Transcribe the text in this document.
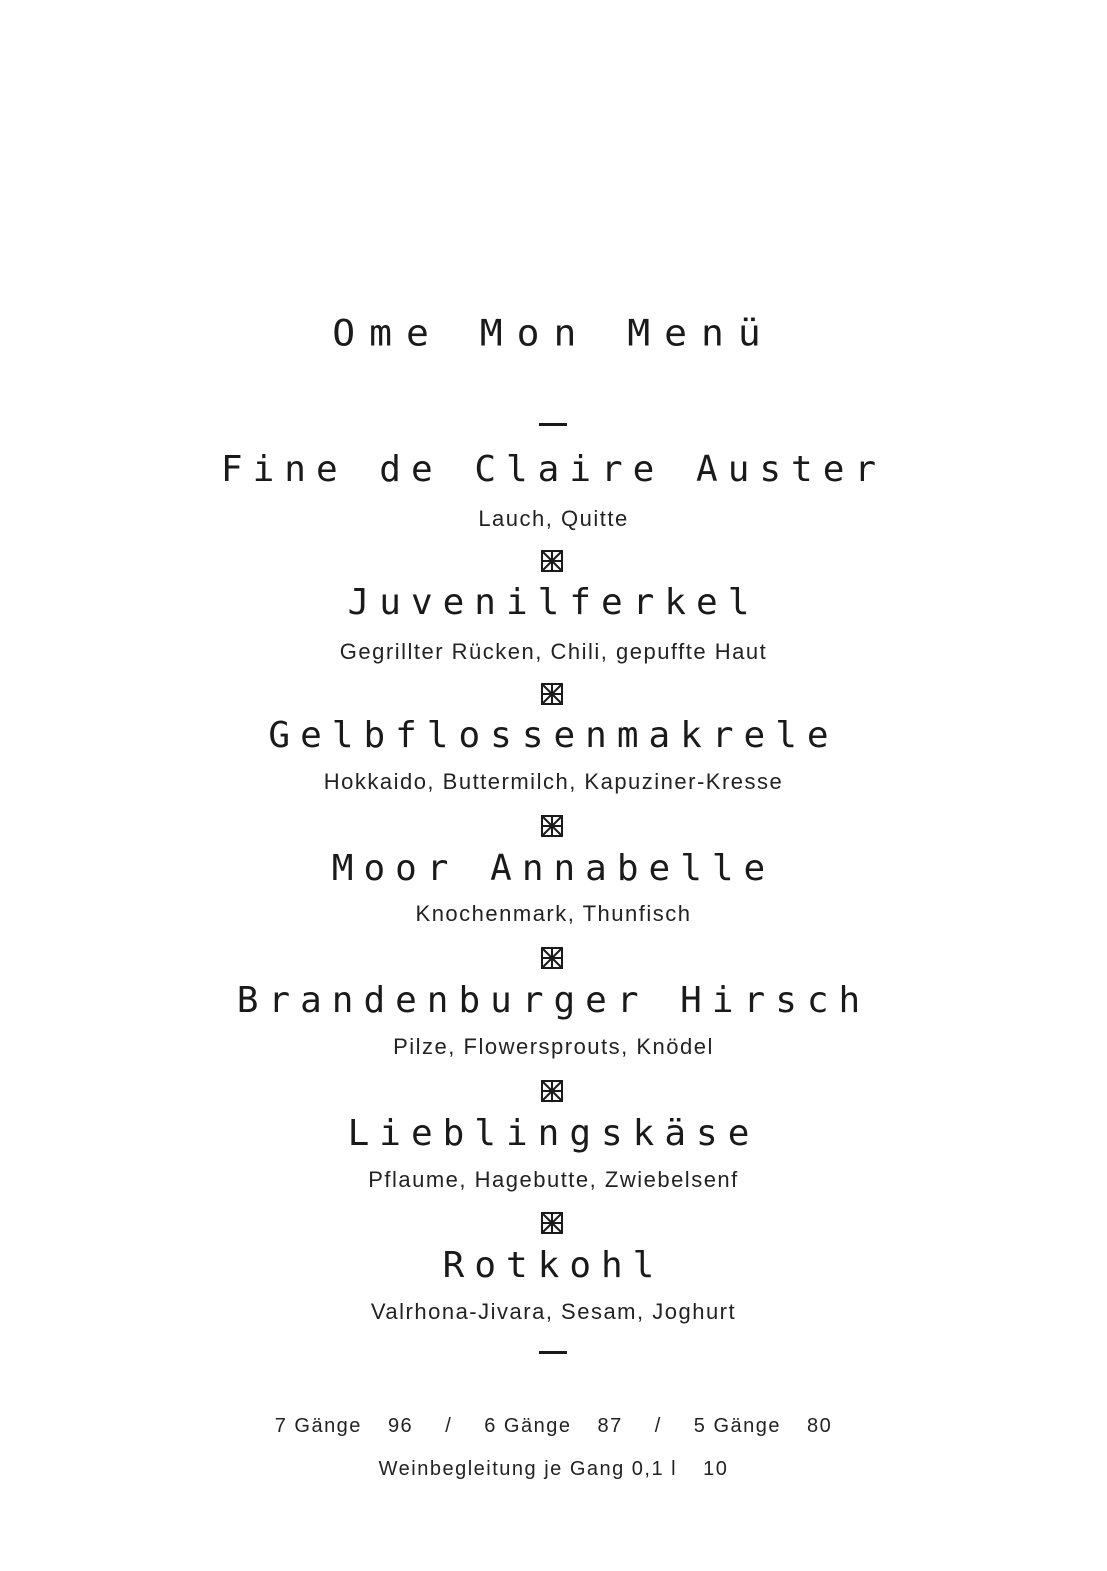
Ome Mon Menü
Fine de Claire Auster
Lauch, Quitte
Juvenilferkel
Gegrillter Rücken, Chili, gepuffte Haut
Gelbflossenmakrele
Hokkaido, Buttermilch, Kapuziner-Kresse
Moor Annabelle
Knochenmark, Thunfisch
Brandenburger Hirsch
Pilze, Flowersprouts, Knödel
Lieblingskäse
Pflaume, Hagebutte, Zwiebelsenf
Rotkohl
Valrhona-Jivara, Sesam, Joghurt
7 Gänge 96 / 6 Gänge 87 / 5 Gänge 80
Weinbegleitung je Gang 0,1 l 10
